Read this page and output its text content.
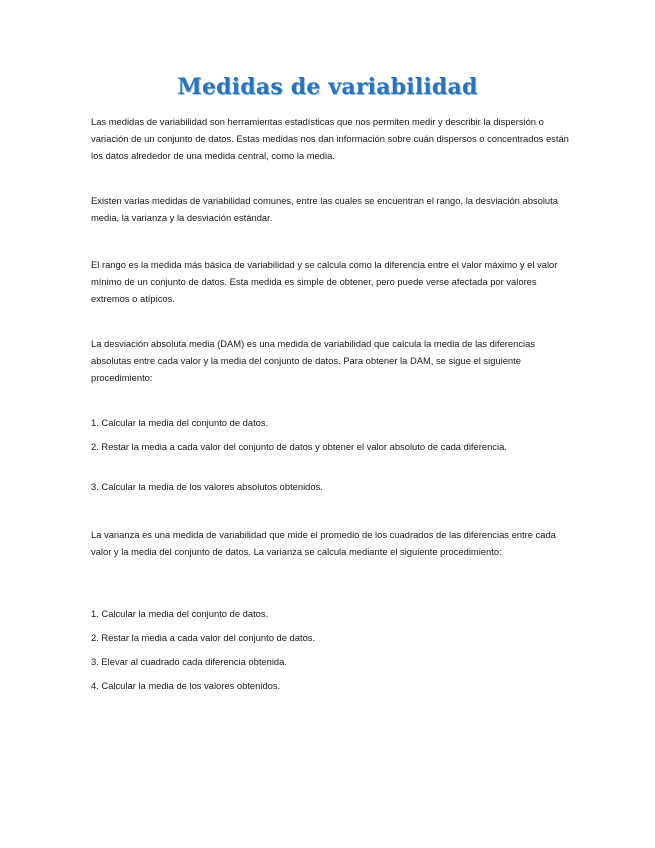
Medidas de variabilidad

Las medidas de variabilidad son herramientas estadísticas que nos permiten medir y describir la dispersión o variación de un conjunto de datos. Estas medidas nos dan información sobre cuán dispersos o concentrados están los datos alrededor de una medida central, como la media.

Existen varias medidas de variabilidad comunes, entre las cuales se encuentran el rango, la desviación absoluta media, la varianza y la desviación estándar.

El rango es la medida más básica de variabilidad y se calcula como la diferencia entre el valor máximo y el valor mínimo de un conjunto de datos. Esta medida es simple de obtener, pero puede verse afectada por valores extremos o atípicos.

La desviación absoluta media (DAM) es una medida de variabilidad que calcula la media de las diferencias absolutas entre cada valor y la media del conjunto de datos. Para obtener la DAM, se sigue el siguiente procedimiento:

1. Calcular la media del conjunto de datos.

2. Restar la media a cada valor del conjunto de datos y obtener el valor absoluto de cada diferencia.

3. Calcular la media de los valores absolutos obtenidos.

La varianza es una medida de variabilidad que mide el promedio de los cuadrados de las diferencias entre cada valor y la media del conjunto de datos. La varianza se calcula mediante el siguiente procedimiento:

1. Calcular la media del conjunto de datos.

2. Restar la media a cada valor del conjunto de datos.

3. Elevar al cuadrado cada diferencia obtenida.

4. Calcular la media de los valores obtenidos.
